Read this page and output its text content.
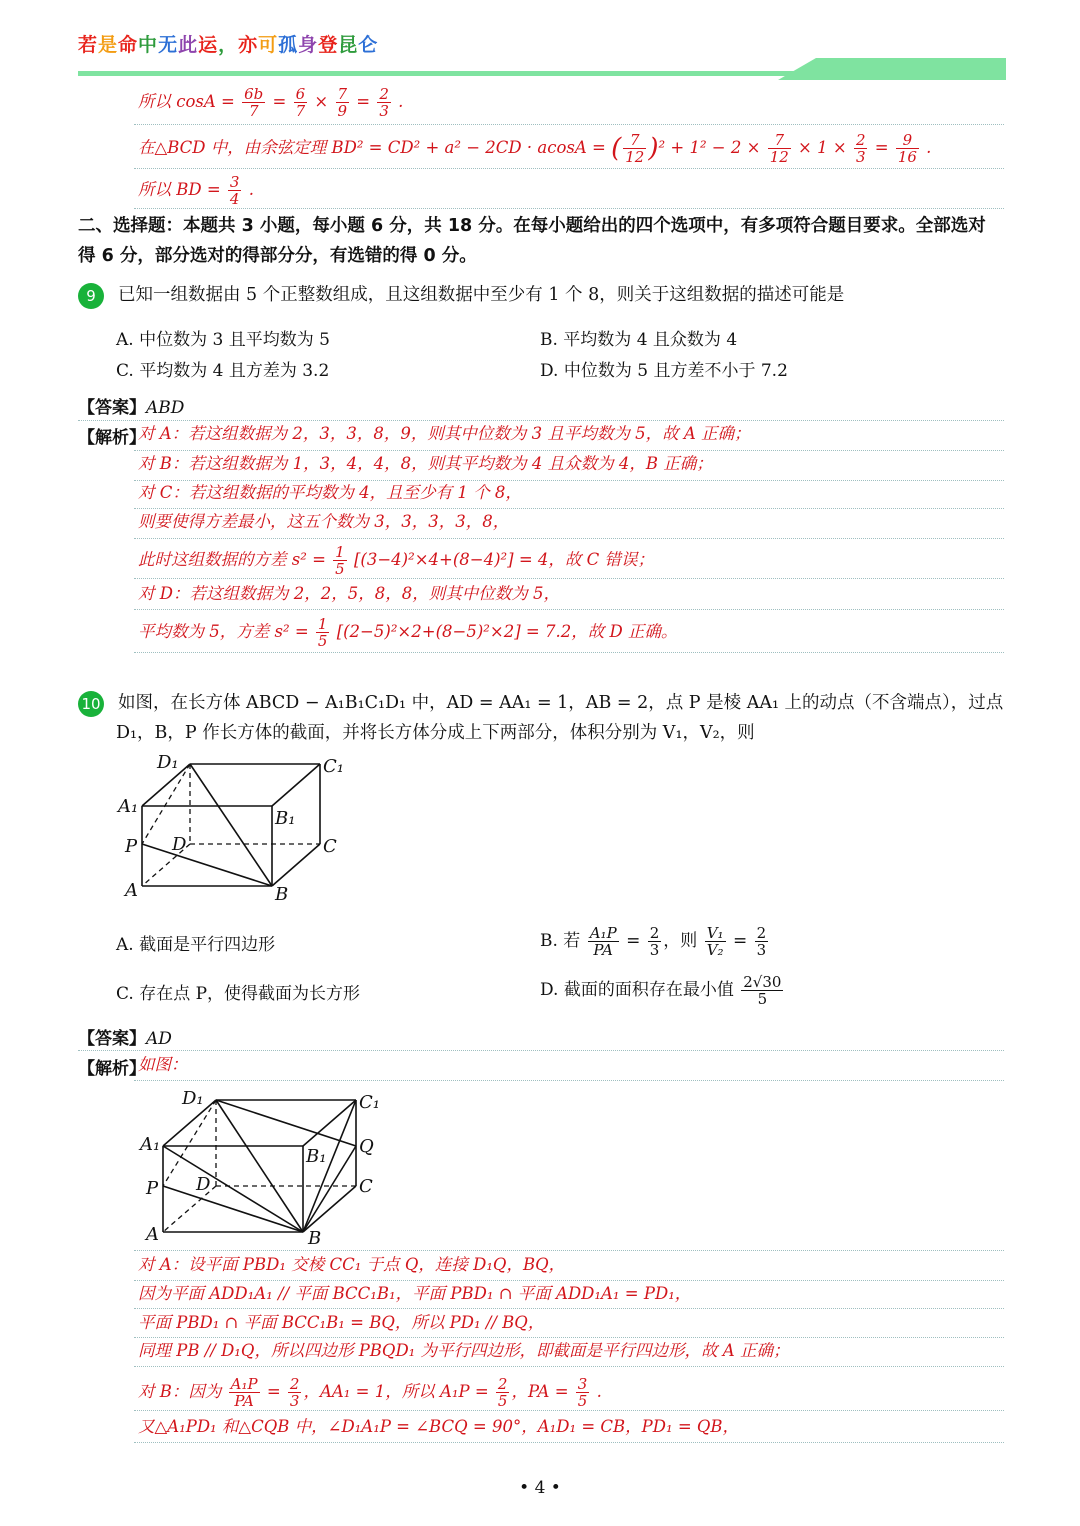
若是命中无此运，亦可孤身登昆仑
所以 $\cos A = \frac{6b}{7} = \frac{6}{7} \times \frac{7}{9} = \frac{2}{3}$ .
在△BCD 中，由余弦定理 BD² = CD² + a² − 2CD · acosA = ( $\frac{7}{12} )^2 + 1^2 - 2 \times \frac{7}{12} \times 1 \times \frac{2}{3} = \frac{9}{16}$ .
所以 BD = $\frac{3}{4}$ .
二、选择题：本题共 3 小题，每小题 6 分，共 18 分。在每小题给出的四个选项中，有多项符合题目要求。全部选对
得 6 分，部分选对的得部分分，有选错的得 0 分。
9	已知一组数据由 5 个正整数组成，且这组数据中至少有 1 个 8，则关于这组数据的描述可能是
A. 中位数为 3 且平均数为 5	B. 平均数为 4 且众数为 4
C. 平均数为 4 且方差为 3.2	D. 中位数为 5 且方差不小于 7.2
【答案】ABD
【解析】
对 A：若这组数据为 2，3，3，8，9，则其中位数为 3 且平均数为 5，故 A 正确；
对 B：若这组数据为 1，3，4，4，8，则其平均数为 4 且众数为 4，B 正确；
对 C：若这组数据的平均数为 4，且至少有 1 个 8，
则要使得方差最小，这五个数为 3，3，3，3，8，
此时这组数据的方差 $s^2 = \frac{1}{5} [(3-4)^2\times 4+(8-4)^2] = 4$，故 C 错误；
对 D：若这组数据为 2，2，5，8，8，则其中位数为 5，
平均数为 5，方差 $s^2 = \frac{1}{5} [(2-5)^2\times 2+(8-5)^2\times 2] = 7.2$，故 D 正确。
10 如图，在长方体 ABCD − A₁B₁C₁D₁ 中，AD = AA₁ = 1，AB = 2，点 P 是棱 AA₁ 上的动点（不含端点），过点
D₁，B，P 作长方体的截面，并将长方体分成上下两部分，体积分别为 V₁，V₂，则
D₁	C₁
A₁
B₁
P D	C
A	B
A. 截面是平行四边形	B. 若 $\frac{\text{A₁P}}{PA} = \frac{2}{3}$ ，则 $\frac{\text{V₁}}{\text{V₂}} = \frac{2}{3}$
C. 存在点 P，使得截面为长方形	D. 截面的面积存在最小值 $\frac{2√30}{5}$
【答案】AD
【解析】
如图：
D₁	C₁
A₁
B₁ Q
P D	C
A	B
对 A：设平面 PBD₁ 交棱 CC₁ 于点 Q，连接 D₁Q，BQ，
因为平面 ADD₁A₁ // 平面 BCC₁B₁，平面 PBD₁ ∩ 平面 ADD₁A₁ = PD₁，
平面 PBD₁ ∩ 平面 BCC₁B₁ = BQ，所以 PD₁ // BQ，
同理 PB // D₁Q，所以四边形 PBQD₁ 为平行四边形，即截面是平行四边形，故 A 正确；
对 B：因为 $\frac{\text{A₁P}}{PA} = \frac{2}{3}$ ，AA₁ = 1，所以 $A_1P = \frac{2}{5}$ ，PA = $\frac{3}{5}$ .
又△A₁PD₁ 和△CQB 中，∠D₁A₁P = ∠BCQ = 90°，A₁D₁ = CB，PD₁ = QB，
• 4 •
